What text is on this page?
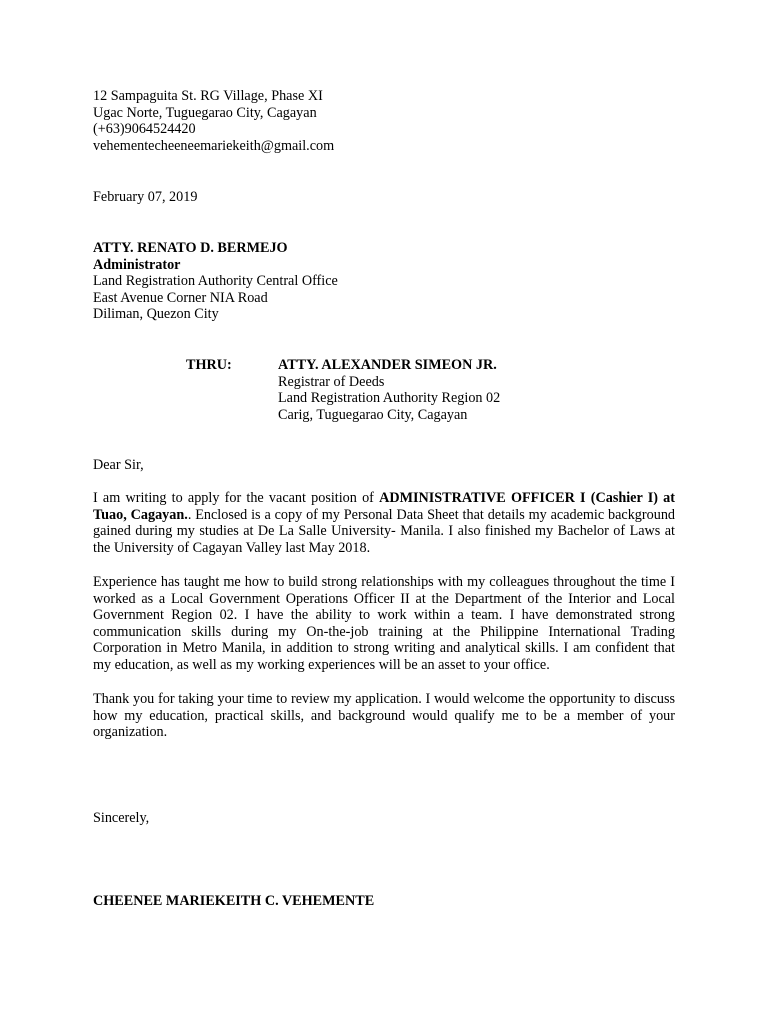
12 Sampaguita St. RG Village, Phase XI
Ugac Norte, Tuguegarao City, Cagayan
(+63)9064524420
vehementecheeneemariekeith@gmail.com
February 07, 2019
ATTY. RENATO D. BERMEJO
Administrator
Land Registration Authority Central Office
East Avenue Corner NIA Road
Diliman, Quezon City
THRU:	ATTY. ALEXANDER SIMEON JR.
Registrar of Deeds
Land Registration Authority Region 02
Carig, Tuguegarao City, Cagayan
Dear Sir,

I am writing to apply for the vacant position of ADMINISTRATIVE OFFICER I (Cashier I) at Tuao, Cagayan.. Enclosed is a copy of my Personal Data Sheet that details my academic background gained during my studies at De La Salle University- Manila. I also finished my Bachelor of Laws at the University of Cagayan Valley last May 2018.

Experience has taught me how to build strong relationships with my colleagues throughout the time I worked as a Local Government Operations Officer II at the Department of the Interior and Local Government Region 02. I have the ability to work within a team. I have demonstrated strong communication skills during my On-the-job training at the Philippine International Trading Corporation in Metro Manila, in addition to strong writing and analytical skills. I am confident that my education, as well as my working experiences will be an asset to your office.

Thank you for taking your time to review my application. I would welcome the opportunity to discuss how my education, practical skills, and background would qualify me to be a member of your organization.

Sincerely,
CHEENEE MARIEKEITH C. VEHEMENTE
